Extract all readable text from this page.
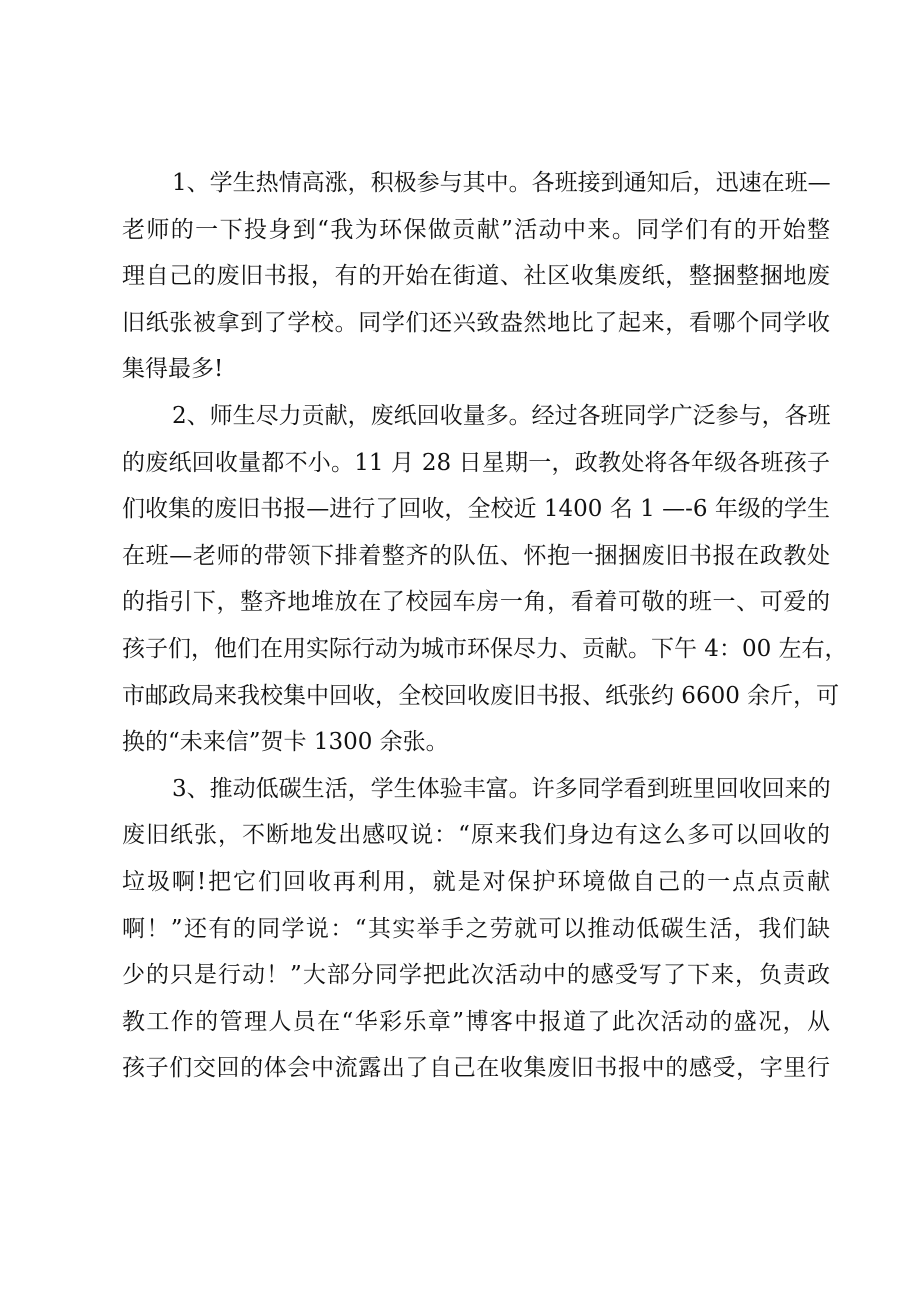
1、学生热情高涨，积极参与其中。各班接到通知后，迅速在班—
老师的一下投身到“我为环保做贡献”活动中来。同学们有的开始整
理自己的废旧书报，有的开始在街道、社区收集废纸，整捆整捆地废
旧纸张被拿到了学校。同学们还兴致盎然地比了起来，看哪个同学收
集得最多!
2、师生尽力贡献，废纸回收量多。经过各班同学广泛参与，各班
的废纸回收量都不小。11 月 28 日星期一，政教处将各年级各班孩子
们收集的废旧书报—进行了回收，全校近 1400 名 1 —-6 年级的学生
在班—老师的带领下排着整齐的队伍、怀抱一捆捆废旧书报在政教处
的指引下，整齐地堆放在了校园车房一角，看着可敬的班一、可爱的
孩子们，他们在用实际行动为城市环保尽力、贡献。下午 4：00 左右，
市邮政局来我校集中回收，全校回收废旧书报、纸张约 6600 余斤，可
换的“未来信”贺卡 1300 余张。
3、推动低碳生活，学生体验丰富。许多同学看到班里回收回来的
废旧纸张，不断地发出感叹说：“原来我们身边有这么多可以回收的
垃圾啊!把它们回收再利用，就是对保护环境做自己的一点点贡献
啊！”还有的同学说：“其实举手之劳就可以推动低碳生活，我们缺
少的只是行动！”大部分同学把此次活动中的感受写了下来，负责政
教工作的管理人员在“华彩乐章”博客中报道了此次活动的盛况，从
孩子们交回的体会中流露出了自己在收集废旧书报中的感受，字里行
